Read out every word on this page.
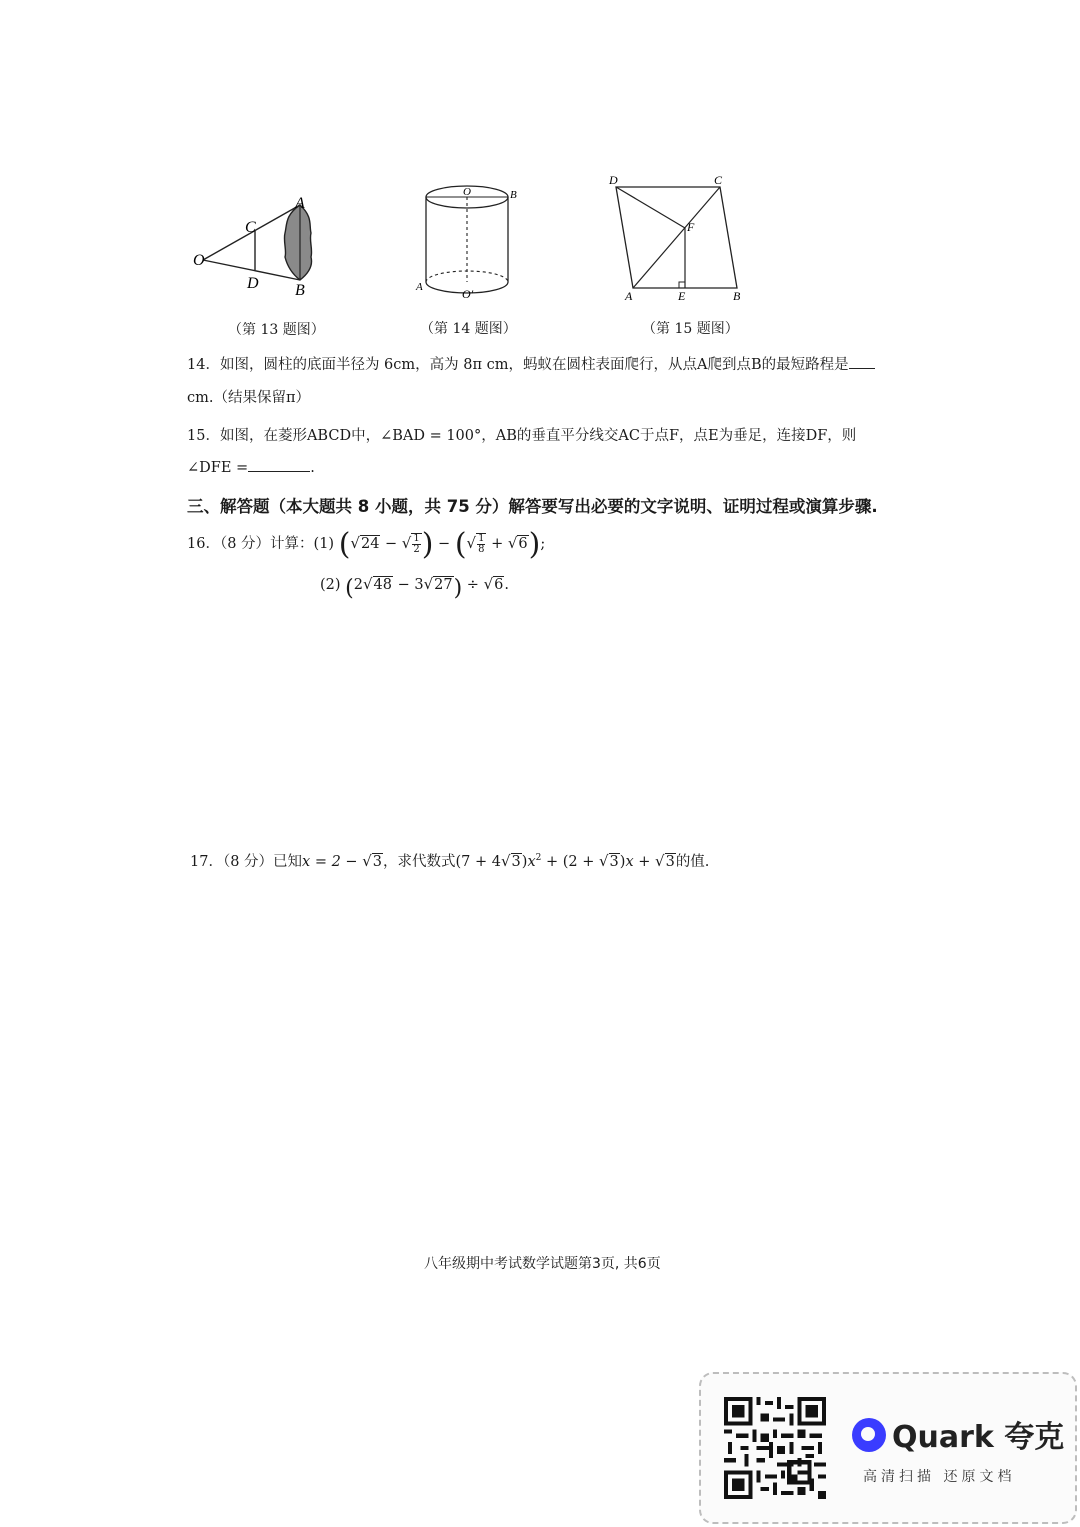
O
A
B
C
D
（第 13 题图）
O	B
A	O'
（第 14 题图）
D	C
F
A	E	B
（第 15 题图）
14．如图，圆柱的底面半径为 6cm，高为 8π cm，蚂蚁在圆柱表面爬行，从点A爬到点B的最短路程是
cm.（结果保留π）
15．如图，在菱形ABCD中，∠BAD = 100°，AB的垂直平分线交AC于点F，点E为垂足，连接DF，则
∠DFE =	.
三、解答题（本大题共 8 小题，共 75 分）解答要写出必要的文字说明、证明过程或演算步骤.
16．（8 分）计算：(1) (√24 − √ $\frac{1}{2}$ ) − (√ $\frac{1}{8} + √6$);
(2) (2√48 − 3√27) ÷ √6.
17．（8 分）已知x = 2 − √3，求代数式$(7 + 4√3)x^2 + (2 + √3)x + √3$的值.
八年级期中考试数学试题第3页, 共6页
Quark 夸克
高清扫描 还原文档
